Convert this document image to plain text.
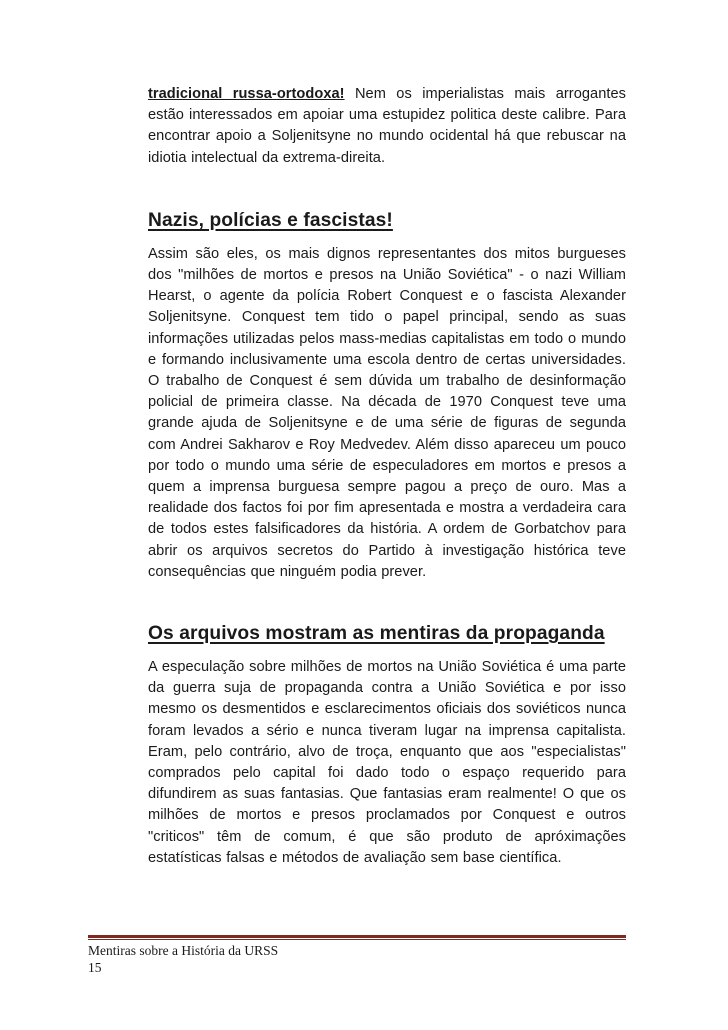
tradicional russa-ortodoxa! Nem os imperialistas mais arrogantes estão interessados em apoiar uma estupidez politica deste calibre. Para encontrar apoio a Soljenitsyne no mundo ocidental há que rebuscar na idiotia intelectual da extrema-direita.

Nazis, polícias e fascistas!

Assim são eles, os mais dignos representantes dos mitos burgueses dos "milhões de mortos e presos na União Soviética" - o nazi William Hearst, o agente da polícia Robert Conquest e o fascista Alexander Soljenitsyne. Conquest tem tido o papel principal, sendo as suas informações utilizadas pelos mass-medias capitalistas em todo o mundo e formando inclusivamente uma escola dentro de certas universidades. O trabalho de Conquest é sem dúvida um trabalho de desinformação policial de primeira classe. Na década de 1970 Conquest teve uma grande ajuda de Soljenitsyne e de uma série de figuras de segunda com Andrei Sakharov e Roy Medvedev. Além disso apareceu um pouco por todo o mundo uma série de especuladores em mortos e presos a quem a imprensa burguesa sempre pagou a preço de ouro. Mas a realidade dos factos foi por fim apresentada e mostra a verdadeira cara de todos estes falsificadores da história. A ordem de Gorbatchov para abrir os arquivos secretos do Partido à investigação histórica teve consequências que ninguém podia prever.

Os arquivos mostram as mentiras da propaganda

A especulação sobre milhões de mortos na União Soviética é uma parte da guerra suja de propaganda contra a União Soviética e por isso mesmo os desmentidos e esclarecimentos oficiais dos soviéticos nunca foram levados a sério e nunca tiveram lugar na imprensa capitalista. Eram, pelo contrário, alvo de troça, enquanto que aos "especialistas" comprados pelo capital foi dado todo o espaço requerido para difundirem as suas fantasias. Que fantasias eram realmente! O que os milhões de mortos e presos proclamados por Conquest e outros "criticos" têm de comum, é que são produto de apróximações estatísticas falsas e métodos de avaliação sem base científica.

Mentiras sobre a História da URSS
15
